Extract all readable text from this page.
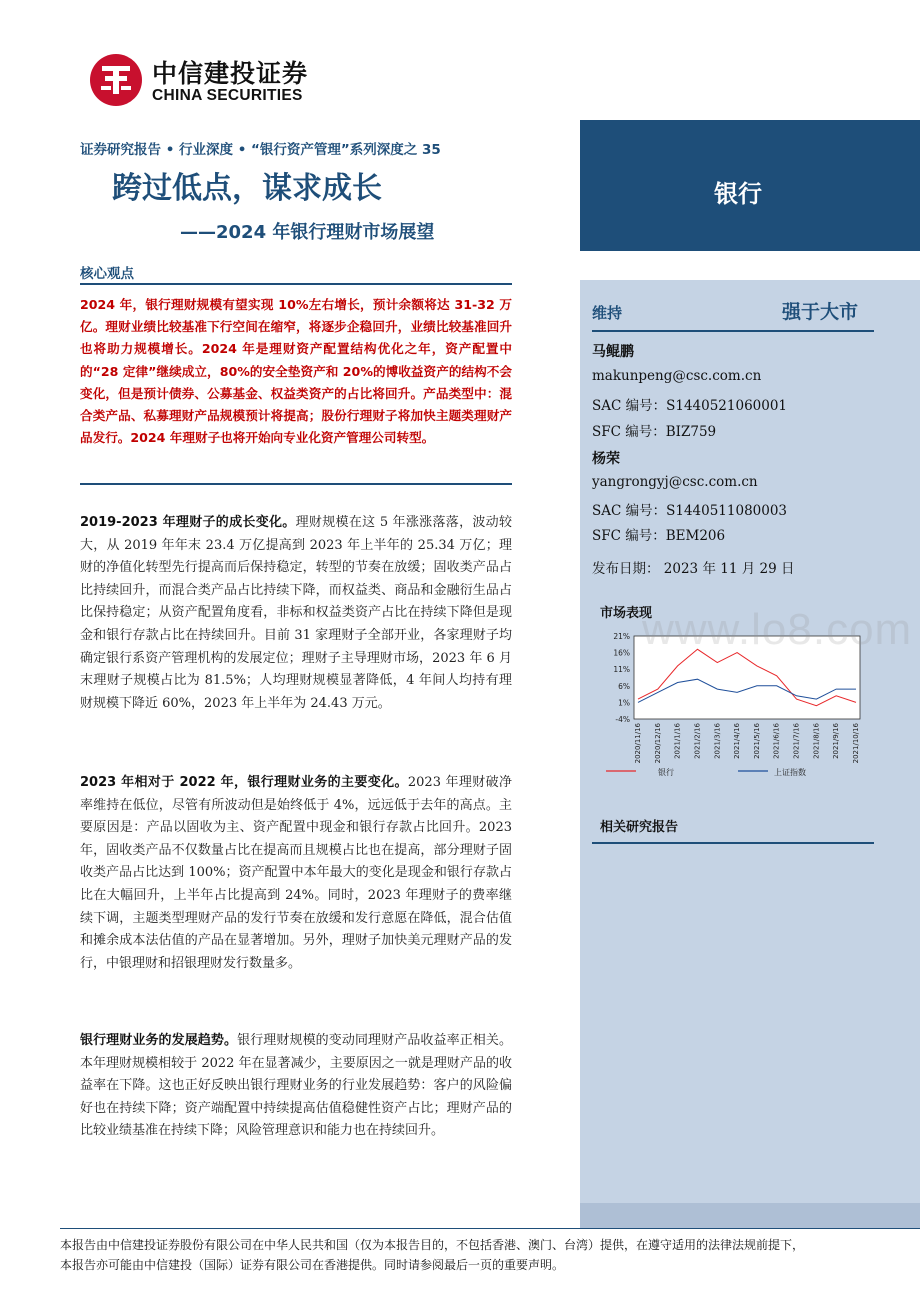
中信建投证券
CHINA SECURITIES
证券研究报告 • 行业深度 • “银行资产管理”系列深度之 35
跨过低点，谋求成长
——2024 年银行理财市场展望
核心观点
2024 年，银行理财规模有望实现 10%左右增长，预计余额将达 31-32 万亿。理财业绩比较基准下行空间在缩窄，将逐步企稳回升，业绩比较基准回升也将助力规模增长。2024 年是理财资产配置结构优化之年，资产配置中的“28 定律”继续成立，80%的安全垫资产和 20%的博收益资产的结构不会变化，但是预计债券、公募基金、权益类资产的占比将回升。产品类型中：混合类产品、私募理财产品规模预计将提高；股份行理财子将加快主题类理财产品发行。2024 年理财子也将开始向专业化资产管理公司转型。
2019-2023 年理财子的成长变化。理财规模在这 5 年涨涨落落，波动较大，从 2019 年年末 23.4 万亿提高到 2023 年上半年的 25.34 万亿；理财的净值化转型先行提高而后保持稳定，转型的节奏在放缓；固收类产品占比持续回升，而混合类产品占比持续下降，而权益类、商品和金融衍生品占比保持稳定；从资产配置角度看，非标和权益类资产占比在持续下降但是现金和银行存款占比在持续回升。目前 31 家理财子全部开业，各家理财子均确定银行系资产管理机构的发展定位；理财子主导理财市场，2023 年 6 月末理财子规模占比为 81.5%；人均理财规模显著降低，4 年间人均持有理财规模下降近 60%，2023 年上半年为 24.43 万元。
2023 年相对于 2022 年，银行理财业务的主要变化。2023 年理财破净率维持在低位，尽管有所波动但是始终低于 4%，远远低于去年的高点。主要原因是：产品以固收为主、资产配置中现金和银行存款占比回升。2023 年，固收类产品不仅数量占比在提高而且规模占比也在提高，部分理财子固收类产品占比达到 100%；资产配置中本年最大的变化是现金和银行存款占比在大幅回升，上半年占比提高到 24%。同时，2023 年理财子的费率继续下调，主题类型理财产品的发行节奏在放缓和发行意愿在降低，混合估值和摊余成本法估值的产品在显著增加。另外，理财子加快美元理财产品的发行，中银理财和招银理财发行数量多。
银行理财业务的发展趋势。银行理财规模的变动同理财产品收益率正相关。本年理财规模相较于 2022 年在显著减少，主要原因之一就是理财产品的收益率在下降。这也正好反映出银行理财业务的行业发展趋势：客户的风险偏好也在持续下降；资产端配置中持续提高估值稳健性资产占比；理财产品的比较业绩基准在持续下降；风险管理意识和能力也在持续回升。
银行
维持	强于大市
马鲲鹏
makunpeng@csc.com.cn
SAC 编号：S1440521060001
SFC 编号：BIZ759
杨荣
yangrongyj@csc.com.cn
SAC 编号：S1440511080003
SFC 编号：BEM206
发布日期： 2023 年 11 月 29 日
市场表现
21%
16%
11%
6%
1%
-4%
2020/11/16 2020/12/16 2021/1/16 2021/2/16 2021/3/16 2021/4/16 2021/5/16 2021/6/16 2021/7/16 2021/8/16 2021/9/16 2021/10/16
银行	上证指数
相关研究报告
www.lo8.com
本报告由中信建投证券股份有限公司在中华人民共和国（仅为本报告目的，不包括香港、澳门、台湾）提供，在遵守适用的法律法规前提下，
本报告亦可能由中信建投（国际）证券有限公司在香港提供。同时请参阅最后一页的重要声明。
